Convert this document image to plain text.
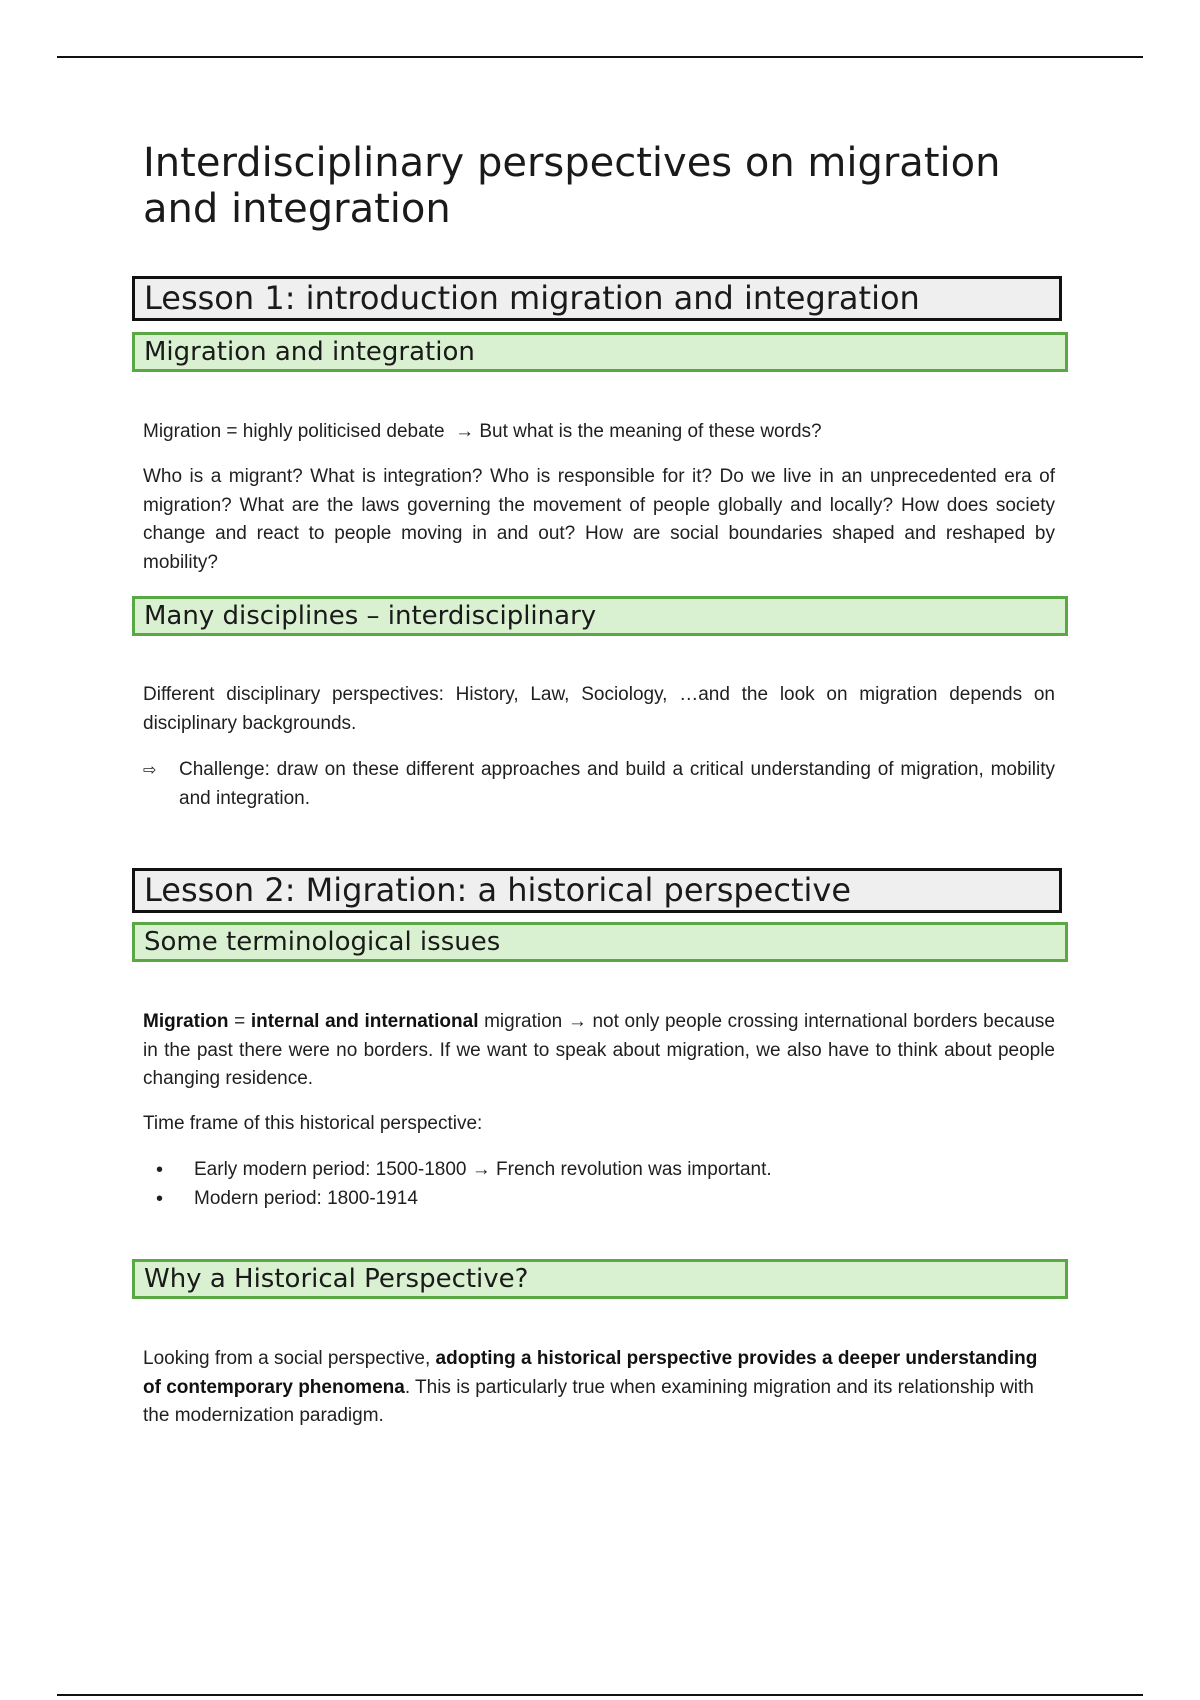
Interdisciplinary perspectives on migration and integration
Lesson 1: introduction migration and integration
Migration and integration

Migration = highly politicised debate  → But what is the meaning of these words?

Who is a migrant? What is integration? Who is responsible for it? Do we live in an unprecedented era of migration? What are the laws governing the movement of people globally and locally? How does society change and react to people moving in and out? How are social boundaries shaped and reshaped by mobility?

Many disciplines – interdisciplinary

Different disciplinary perspectives: History, Law, Sociology, …and the look on migration depends on disciplinary backgrounds.

⇨ Challenge: draw on these different approaches and build a critical understanding of migration, mobility and integration.
Lesson 2: Migration: a historical perspective
Some terminological issues

Migration = internal and international migration → not only people crossing international borders because in the past there were no borders. If we want to speak about migration, we also have to think about people changing residence.

Time frame of this historical perspective:

• Early modern period: 1500-1800 → French revolution was important.
• Modern period: 1800-1914
Why a Historical Perspective?

Looking from a social perspective, adopting a historical perspective provides a deeper understanding of contemporary phenomena. This is particularly true when examining migration and its relationship with the modernization paradigm.
